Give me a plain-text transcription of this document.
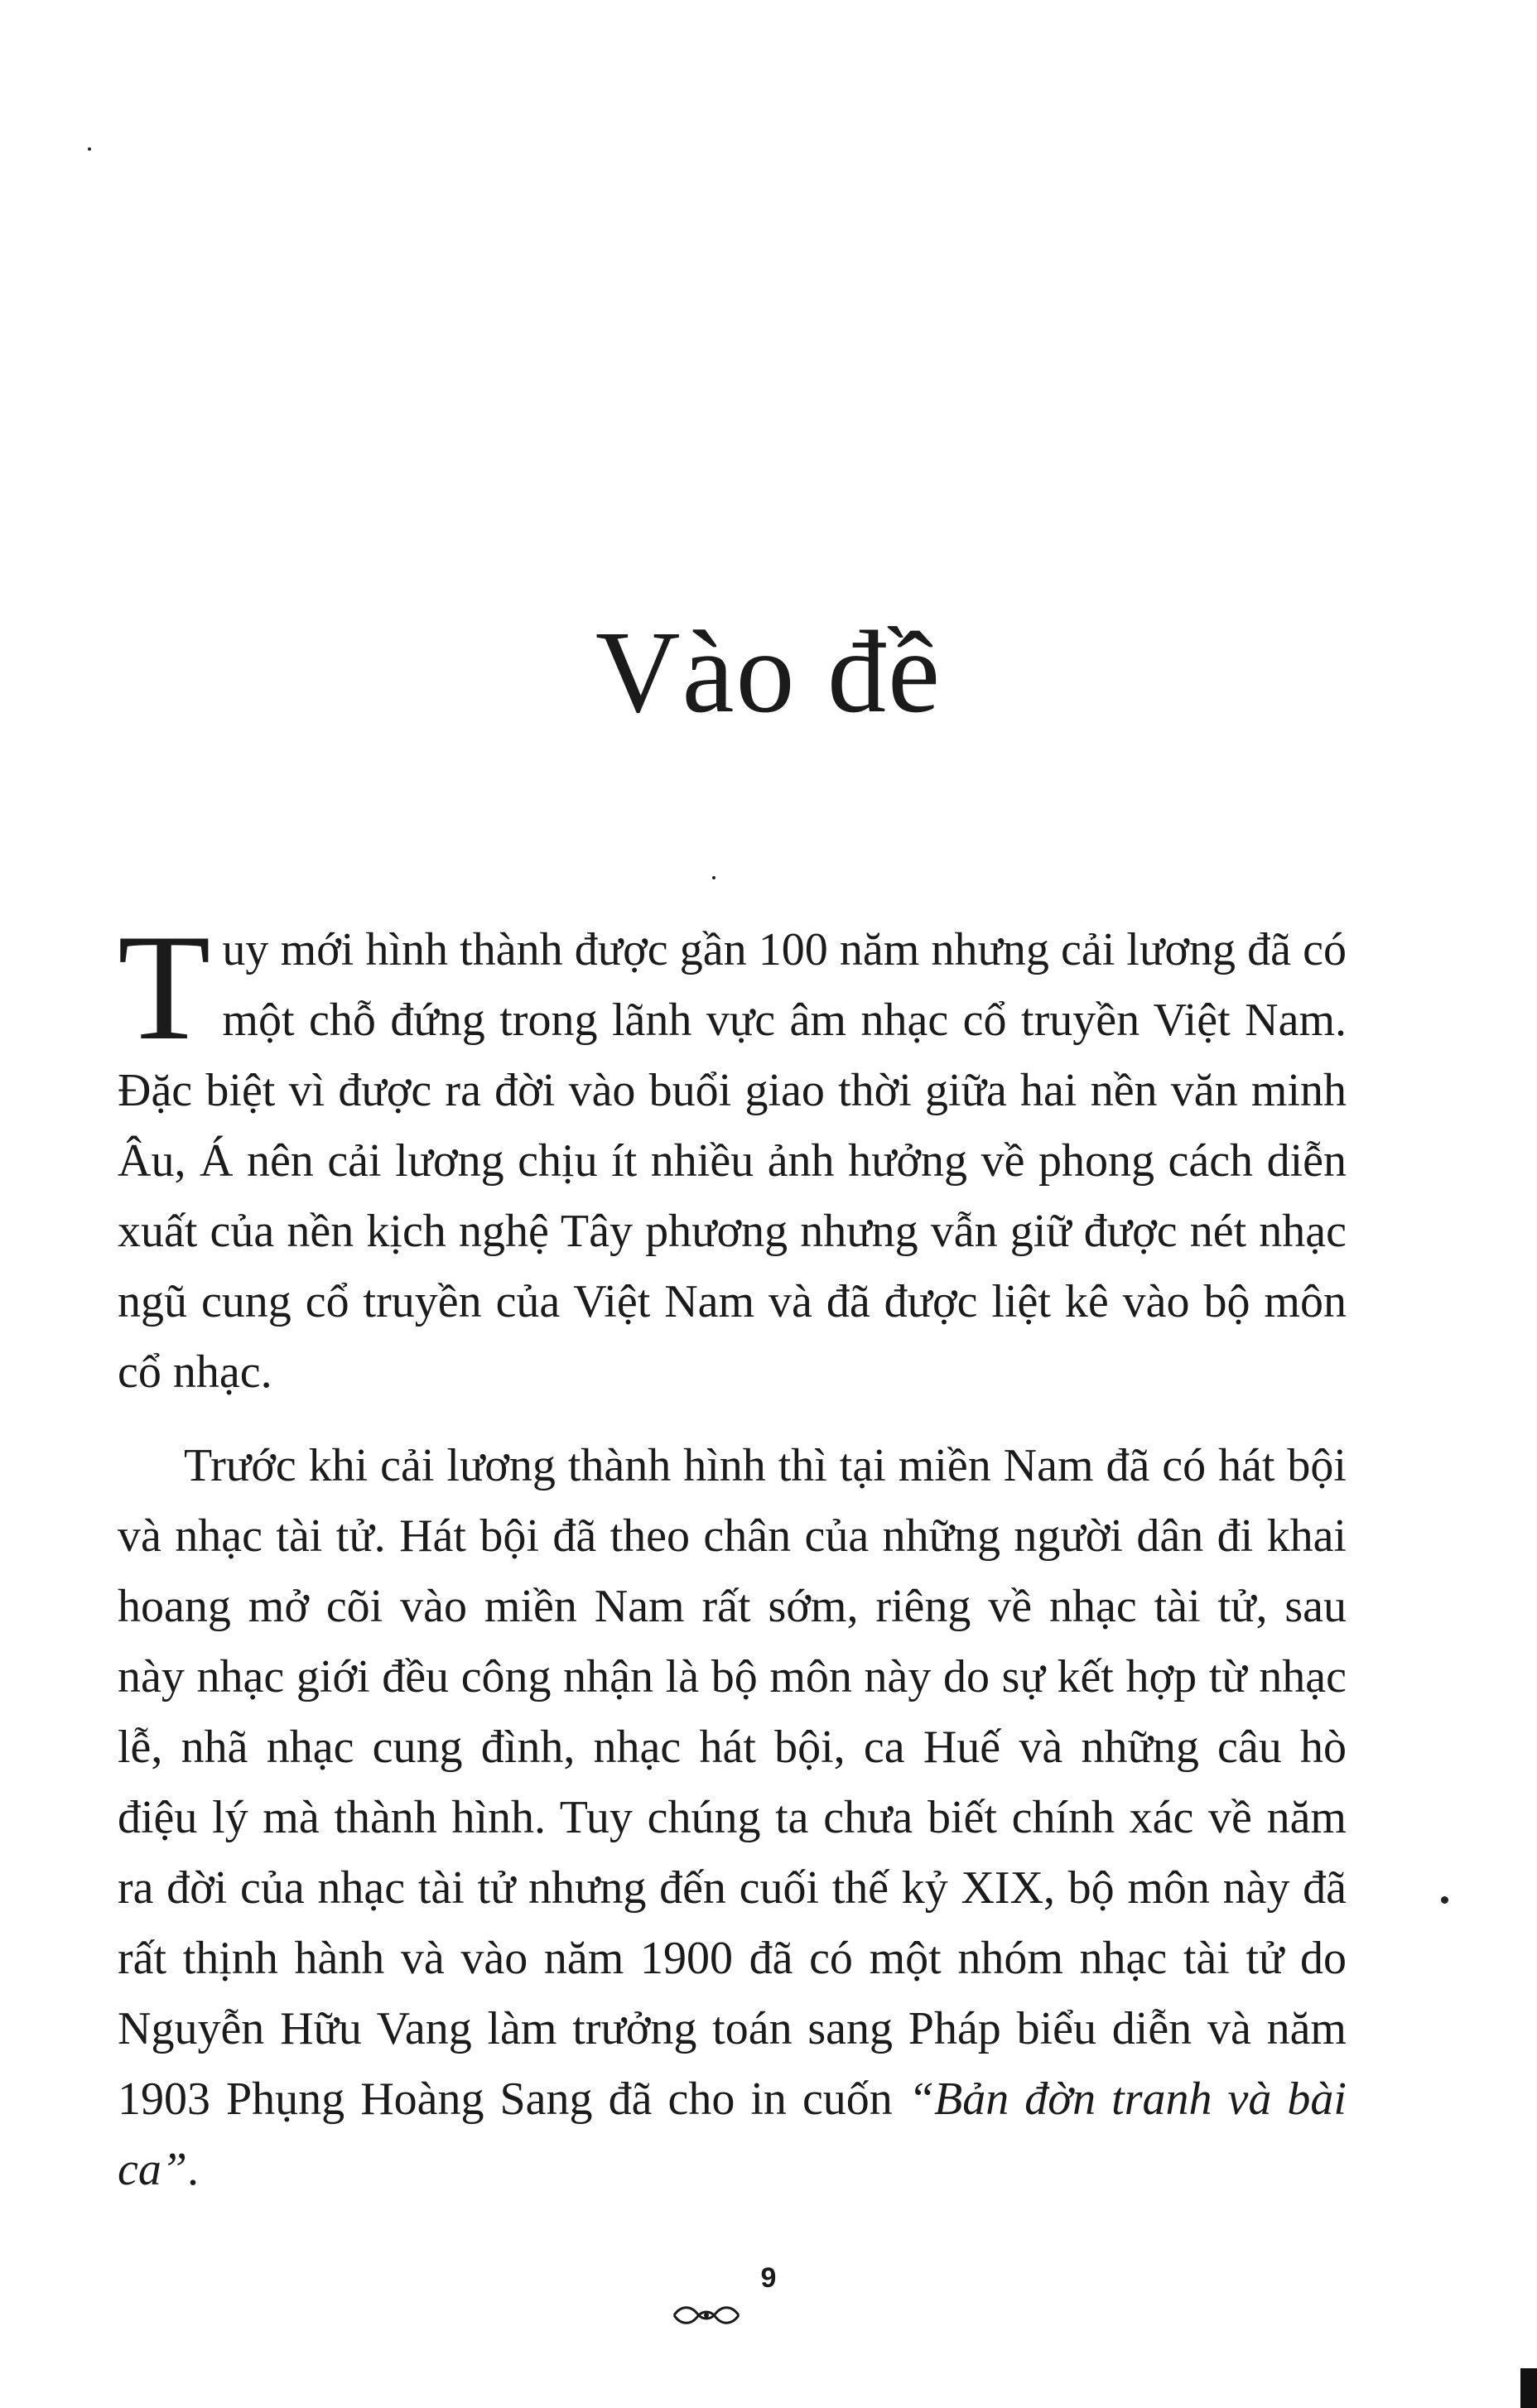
Vào đề

Tuy mới hình thành được gần 100 năm nhưng cải lương đã có một chỗ đứng trong lãnh vực âm nhạc cổ truyền Việt Nam. Đặc biệt vì được ra đời vào buổi giao thời giữa hai nền văn minh Âu, Á nên cải lương chịu ít nhiều ảnh hưởng về phong cách diễn xuất của nền kịch nghệ Tây phương nhưng vẫn giữ được nét nhạc ngũ cung cổ truyền của Việt Nam và đã được liệt kê vào bộ môn cổ nhạc.

Trước khi cải lương thành hình thì tại miền Nam đã có hát bội và nhạc tài tử. Hát bội đã theo chân của những người dân đi khai hoang mở cõi vào miền Nam rất sớm, riêng về nhạc tài tử, sau này nhạc giới đều công nhận là bộ môn này do sự kết hợp từ nhạc lễ, nhã nhạc cung đình, nhạc hát bội, ca Huế và những câu hò điệu lý mà thành hình. Tuy chúng ta chưa biết chính xác về năm ra đời của nhạc tài tử nhưng đến cuối thế kỷ XIX, bộ môn này đã rất thịnh hành và vào năm 1900 đã có một nhóm nhạc tài tử do Nguyễn Hữu Vang làm trưởng toán sang Pháp biểu diễn và năm 1903 Phụng Hoàng Sang đã cho in cuốn “Bản đờn tranh và bài ca”.

9
